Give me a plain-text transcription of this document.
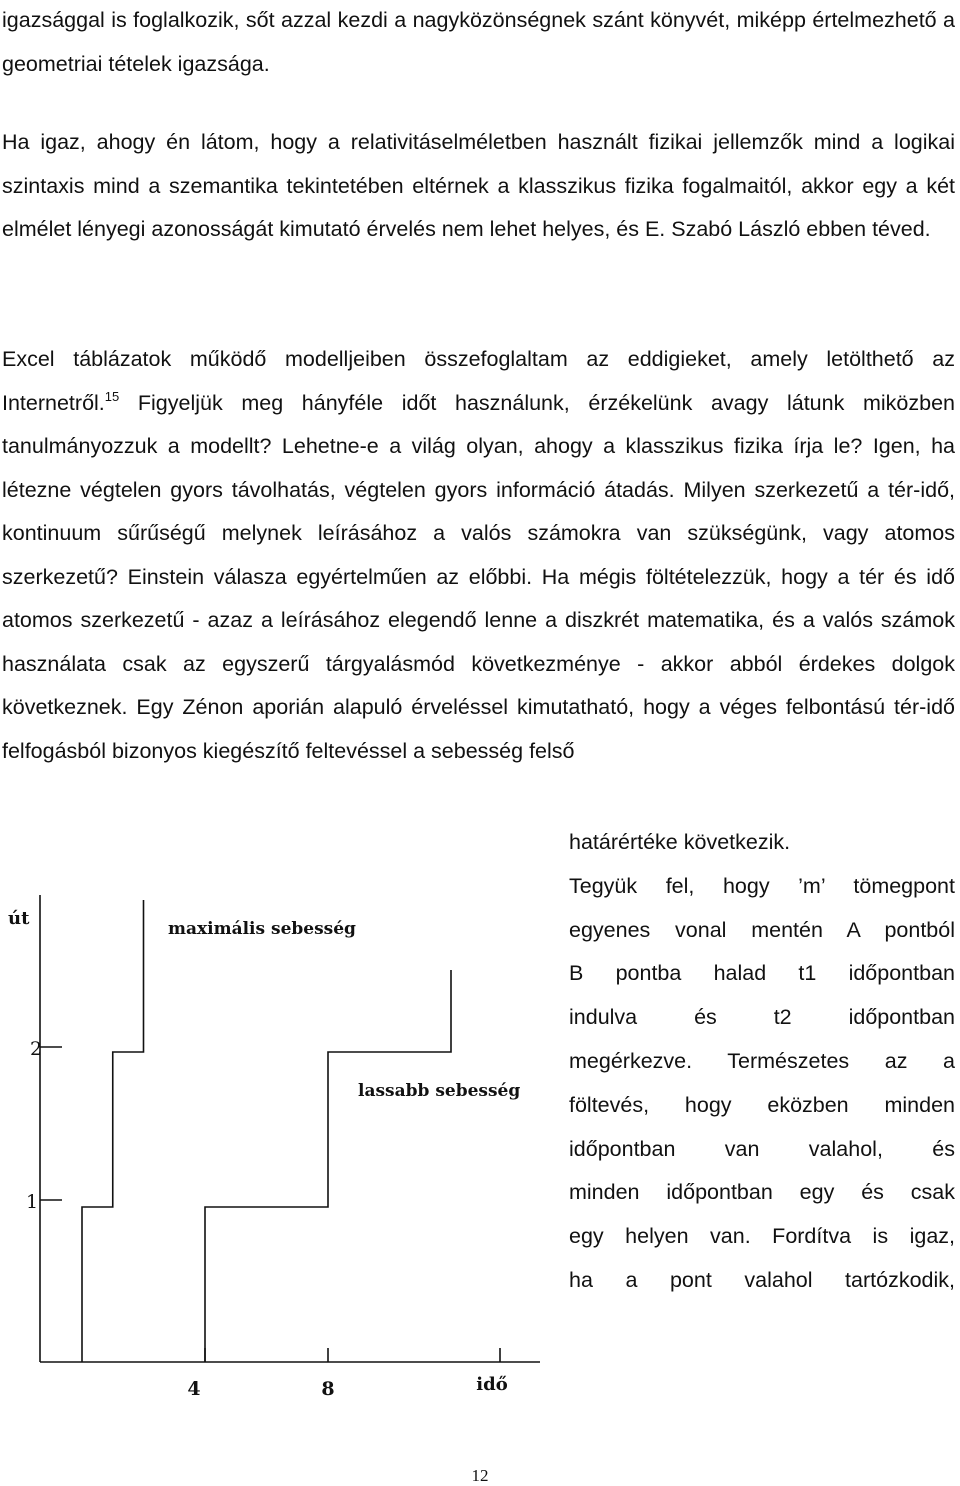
igazsággal is foglalkozik, sőt azzal kezdi a nagyközönségnek szánt könyvét, miképp értelmezhető a geometriai tételek igazsága.

Ha igaz, ahogy én látom, hogy a relativitáselméletben használt fizikai jellemzők mind a logikai szintaxis mind a szemantika tekintetében eltérnek a klasszikus fizika fogalmaitól, akkor egy a két elmélet lényegi azonosságát kimutató érvelés nem lehet helyes, és E. Szabó László ebben téved.

Excel táblázatok működő modelljeiben összefoglaltam az eddigieket, amely letölthető az Internetről.$^{15}$ Figyeljük meg hányféle időt használunk, érzékelünk avagy látunk miközben tanulmányozzuk a modellt? Lehetne-e a világ olyan, ahogy a klasszikus fizika írja le? Igen, ha létezne végtelen gyors távolhatás, végtelen gyors információ átadás. Milyen szerkezetű a tér-idő, kontinuum sűrűségű melynek leírásához a valós számokra van szükségünk, vagy atomos szerkezetű? Einstein válasza egyértelműen az előbbi. Ha mégis föltételezzük, hogy a tér és idő atomos szerkezetű - azaz a leírásához elegendő lenne a diszkrét matematika, és a valós számok használata csak az egyszerű tárgyalásmód következménye - akkor abból érdekes dolgok következnek. Egy Zénon aporián alapuló érveléssel kimutatható, hogy a véges felbontású tér-idő felfogásból bizonyos kiegészítő feltevéssel a sebesség felső

határértéke következik.
Tegyük fel, hogy ’m’ tömegpont
egyenes vonal mentén A pontból
B pontba halad t1 időpontban
indulva és t2 időpontban
megérkezve. Természetes az a
föltevés, hogy eközben minden
időpontban van valahol, és
minden időpontban egy és csak
egy helyen van. Fordítva is igaz,
ha a pont valahol tartózkodik,
út
1
2
4	8	idő
maximális sebesség
lassabb sebesség
12
